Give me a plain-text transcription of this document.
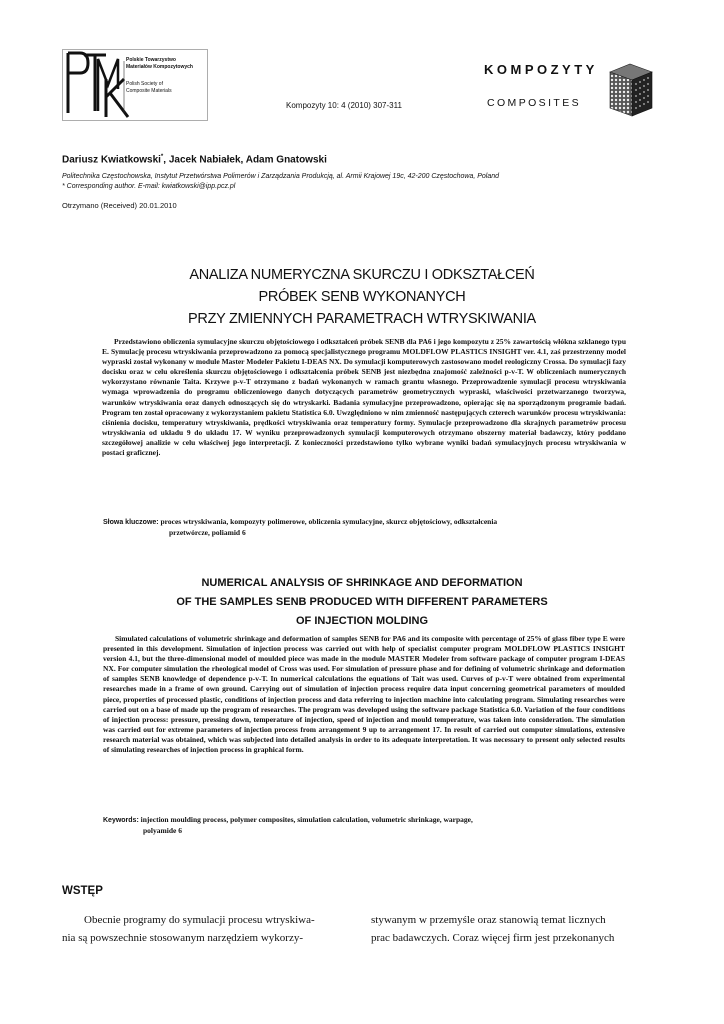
Polskie Towarzystwo
Materiałów Kompozytowych
Polish Society of
Composite Materials
Kompozyty 10: 4 (2010) 307-311
KOMPOZYTY
COMPOSITES
Dariusz Kwiatkowski*, Jacek Nabiałek, Adam Gnatowski
Politechnika Częstochowska, Instytut Przetwórstwa Polimerów i Zarządzania Produkcją, al. Armii Krajowej 19c, 42-200 Częstochowa, Poland
* Corresponding author. E-mail: kwiatkowski@ipp.pcz.pl
Otrzymano (Received) 20.01.2010
ANALIZA NUMERYCZNA SKURCZU I ODKSZTAŁCEŃ
PRÓBEK SENB WYKONANYCH
PRZY ZMIENNYCH PARAMETRACH WTRYSKIWANIA

Przedstawiono obliczenia symulacyjne skurczu objętościowego i odkształceń próbek SENB dla PA6 i jego kompozytu z 25% zawartością włókna szklanego typu E. Symulację procesu wtryskiwania przeprowadzono za pomocą specjalistycznego programu MOLDFLOW PLASTICS INSIGHT ver. 4.1, zaś przestrzenny model wypraski został wykonany w module Master Modeler Pakietu I-DEAS NX. Do symulacji komputerowych zastosowano model reologiczny Crossa. Do symulacji fazy docisku oraz w celu określenia skurczu objętościowego i odkształcenia próbek SENB jest niezbędna znajomość zależności p-v-T. W obliczeniach numerycznych wykorzystano równanie Taita. Krzywe p-v-T otrzymano z badań wykonanych w ramach grantu własnego. Przeprowadzenie symulacji procesu wtryskiwania wymaga wprowadzenia do programu obliczeniowego danych dotyczących parametrów geometrycznych wypraski, właściwości przetwarzanego tworzywa, warunków wtryskiwania oraz danych odnoszących się do wtryskarki. Badania symulacyjne przeprowadzono, opierając się na sporządzonym programie badań. Program ten został opracowany z wykorzystaniem pakietu Statistica 6.0. Uwzględniono w nim zmienność następujących czterech warunków procesu wtryskiwania: ciśnienia docisku, temperatury wtryskiwania, prędkości wtryskiwania oraz temperatury formy. Symulacje przeprowadzono dla skrajnych parametrów procesu wtryskiwania od układu 9 do układu 17. W wyniku przeprowadzonych symulacji komputerowych otrzymano obszerny materiał badawczy, który poddano szczegółowej analizie w celu właściwej jego interpretacji. Z konieczności przedstawiono tylko wybrane wyniki badań symulacyjnych procesu wtryskiwania w postaci graficznej.

Słowa kluczowe: proces wtryskiwania, kompozyty polimerowe, obliczenia symulacyjne, skurcz objętościowy, odkształcenia
przetwórcze, poliamid 6
NUMERICAL ANALYSIS OF SHRINKAGE AND DEFORMATION
OF THE SAMPLES SENB PRODUCED WITH DIFFERENT PARAMETERS
OF INJECTION MOLDING

Simulated calculations of volumetric shrinkage and deformation of samples SENB for PA6 and its composite with percentage of 25% of glass fiber type E were presented in this development. Simulation of injection process was carried out with help of specialist computer program MOLDFLOW PLASTICS INSIGHT version 4.1, but the three-dimensional model of moulded piece was made in the module MASTER Modeler from software package of computer program I-DEAS NX. For computer simulation the rheological model of Cross was used. For simulation of pressure phase and for defining of volumetric shrinkage and deformation of samples SENB knowledge of dependence p-v-T. In numerical calculations the equations of Tait was used. Curves of p-v-T were obtained from experimental researches made in a frame of own ground. Carrying out of simulation of injection process require data input concerning geometrical parameters of moulded piece, properties of processed plastic, conditions of injection process and data referring to injection machine into calculating program. Simulating researches were carried out on a base of made up the program of researches. The program was developed using the software package Statistica 6.0. Variation of the four conditions of injection process: pressure, pressing down, temperature of injection, speed of injection and mould temperature, was taken into consideration. The simulation was carried out for extreme parameters of injection process from arrangement 9 up to arrangement 17. In result of carried out computer simulations, extensive research material was obtained, which was subjected into detailed analysis in order to its adequate interpretation. It was necessary to present only selected results of simulating researches of injection process in graphical form.

Keywords: injection moulding process, polymer composites, simulation calculation, volumetric shrinkage, warpage,
polyamide 6
WSTĘP
Obecnie programy do symulacji procesu wtryskiwa-
nia są powszechnie stosowanym narzędziem wykorzy-
stywanym w przemyśle oraz stanowią temat licznych
prac badawczych. Coraz więcej firm jest przekonanych
